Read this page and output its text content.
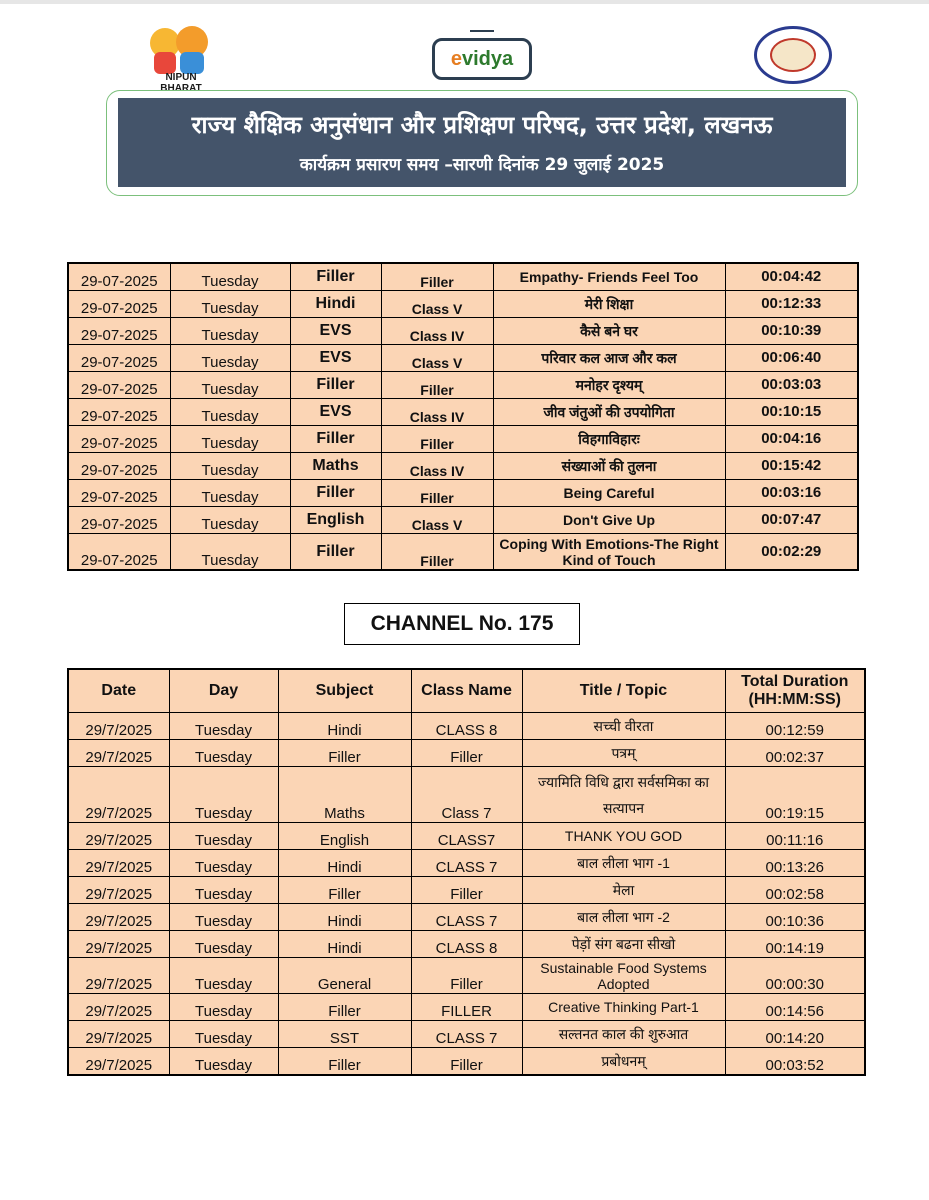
NIPUN BHARAT
evidya
राज्य शैक्षिक अनुसंधान और प्रशिक्षण परिषद, उत्तर प्रदेश, लखनऊ
कार्यक्रम प्रसारण समय –सारणी दिनांक 29 जुलाई 2025
29-07-2025	Tuesday	Filler	Filler	Empathy- Friends Feel Too	00:04:42
29-07-2025	Tuesday	Hindi	Class V	मेरी शिक्षा	00:12:33
29-07-2025	Tuesday	EVS	Class IV	कैसे बने घर	00:10:39
29-07-2025	Tuesday	EVS	Class V	परिवार कल आज और कल	00:06:40
29-07-2025	Tuesday	Filler	Filler	मनोहर दृश्यम्	00:03:03
29-07-2025	Tuesday	EVS	Class IV	जीव जंतुओं की उपयोगिता	00:10:15
29-07-2025	Tuesday	Filler	Filler	विहगाविहारः	00:04:16
29-07-2025	Tuesday	Maths	Class IV	संख्याओं की तुलना	00:15:42
29-07-2025	Tuesday	Filler	Filler	Being Careful	00:03:16
29-07-2025	Tuesday	English	Class V	Don't Give Up	00:07:47
29-07-2025	Tuesday	Filler	Filler	Coping With Emotions-The Right Kind of Touch	00:02:29
CHANNEL No. 175
Date	Day	Subject	Class Name	Title / Topic	Total Duration (HH:MM:SS)
29/7/2025	Tuesday	Hindi	CLASS 8	सच्ची वीरता	00:12:59
29/7/2025	Tuesday	Filler	Filler	पत्रम्	00:02:37
29/7/2025	Tuesday	Maths	Class 7	ज्यामिति विधि द्वारा सर्वसमिका का सत्यापन	00:19:15
29/7/2025	Tuesday	English	CLASS7	THANK YOU GOD	00:11:16
29/7/2025	Tuesday	Hindi	CLASS 7	बाल लीला भाग -1	00:13:26
29/7/2025	Tuesday	Filler	Filler	मेला	00:02:58
29/7/2025	Tuesday	Hindi	CLASS 7	बाल लीला भाग -2	00:10:36
29/7/2025	Tuesday	Hindi	CLASS 8	पेड़ों संग बढना सीखो	00:14:19
29/7/2025	Tuesday	General	Filler	Sustainable Food Systems Adopted	00:00:30
29/7/2025	Tuesday	Filler	FILLER	Creative Thinking Part-1	00:14:56
29/7/2025	Tuesday	SST	CLASS 7	सल्तनत काल की शुरुआत	00:14:20
29/7/2025	Tuesday	Filler	Filler	प्रबोधनम्	00:03:52
